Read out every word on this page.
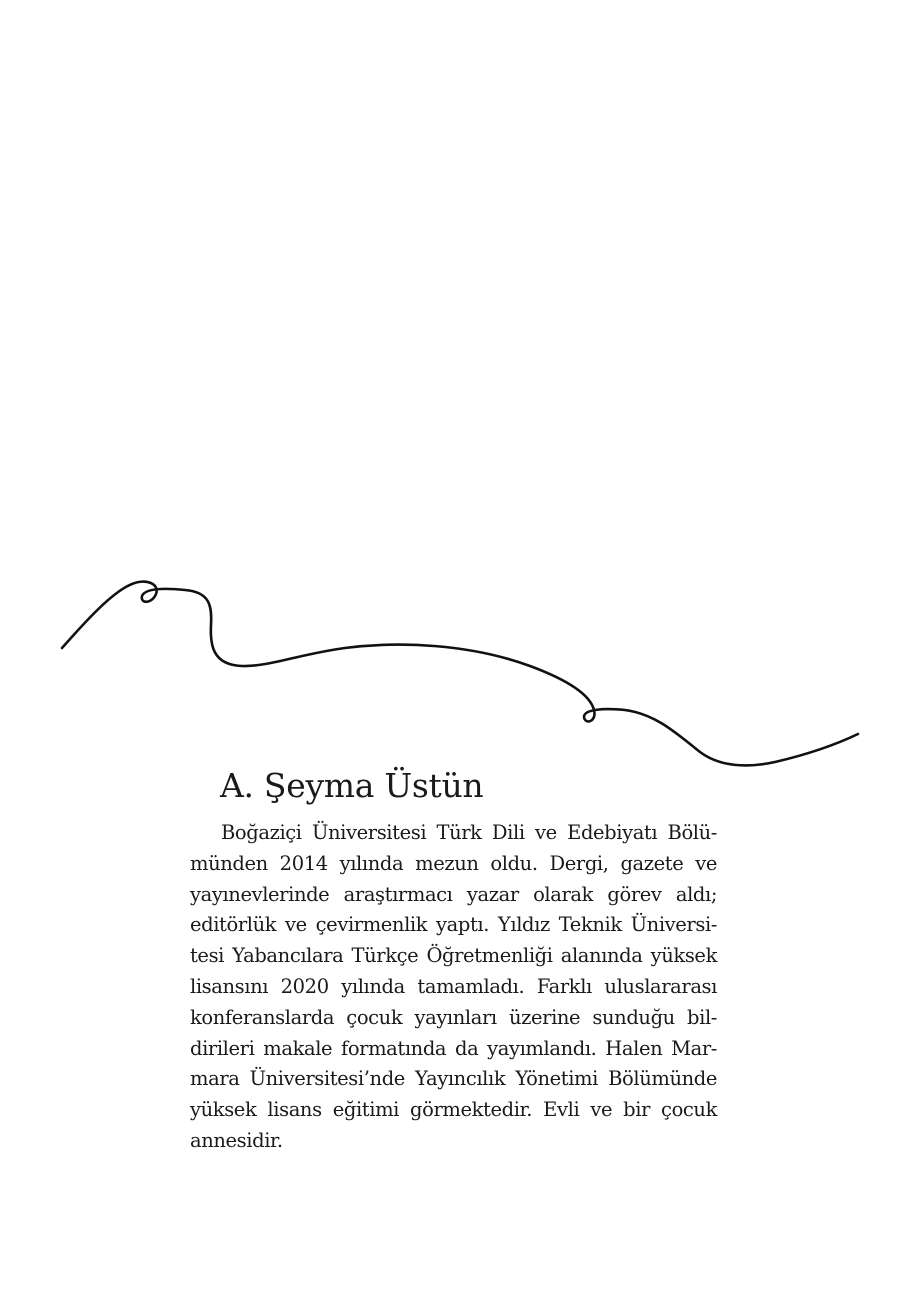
A. Şeyma Üstün
Boğaziçi Üniversitesi Türk Dili ve Edebiyatı Bölü-
münden 2014 yılında mezun oldu. Dergi, gazete ve
yayınevlerinde araştırmacı yazar olarak görev aldı;
editörlük ve çevirmenlik yaptı. Yıldız Teknik Üniversi-
tesi Yabancılara Türkçe Öğretmenliği alanında yüksek
lisansını 2020 yılında tamamladı. Farklı uluslararası
konferanslarda çocuk yayınları üzerine sunduğu bil-
dirileri makale formatında da yayımlandı. Halen Mar-
mara Üniversitesi’nde Yayıncılık Yönetimi Bölümünde
yüksek lisans eğitimi görmektedir. Evli ve bir çocuk
annesidir.
